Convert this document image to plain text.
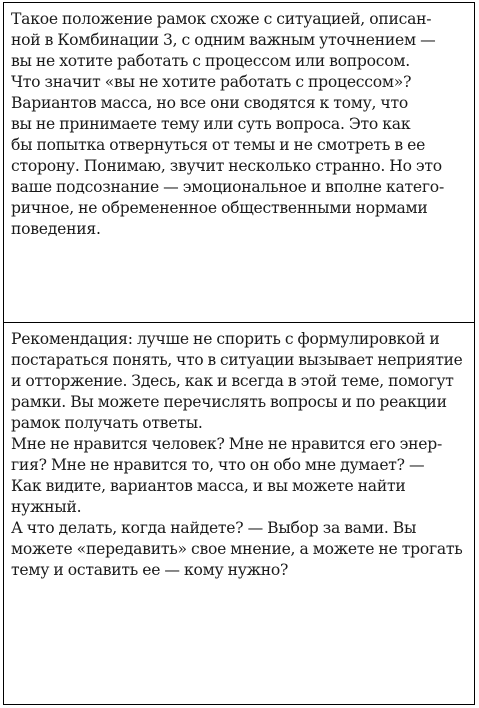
Такое положение рамок схоже с ситуацией, описан-
ной в Комбинации 3, с одним важным уточнением —
вы не хотите работать с процессом или вопросом.
Что значит «вы не хотите работать с процессом»?
Вариантов масса, но все они сводятся к тому, что
вы не принимаете тему или суть вопроса. Это как
бы попытка отвернуться от темы и не смотреть в ее
сторону. Понимаю, звучит несколько странно. Но это
ваше подсознание — эмоциональное и вполне катего-
ричное, не обремененное общественными нормами
поведения.
Рекомендация: лучше не спорить с формулировкой и
постараться понять, что в ситуации вызывает неприятие
и отторжение. Здесь, как и всегда в этой теме, помогут
рамки. Вы можете перечислять вопросы и по реакции
рамок получать ответы.
Мне не нравится человек? Мне не нравится его энер-
гия? Мне не нравится то, что он обо мне думает? —
Как видите, вариантов масса, и вы можете найти
нужный.
А что делать, когда найдете? — Выбор за вами. Вы
можете «передавить» свое мнение, а можете не трогать
тему и оставить ее — кому нужно?
